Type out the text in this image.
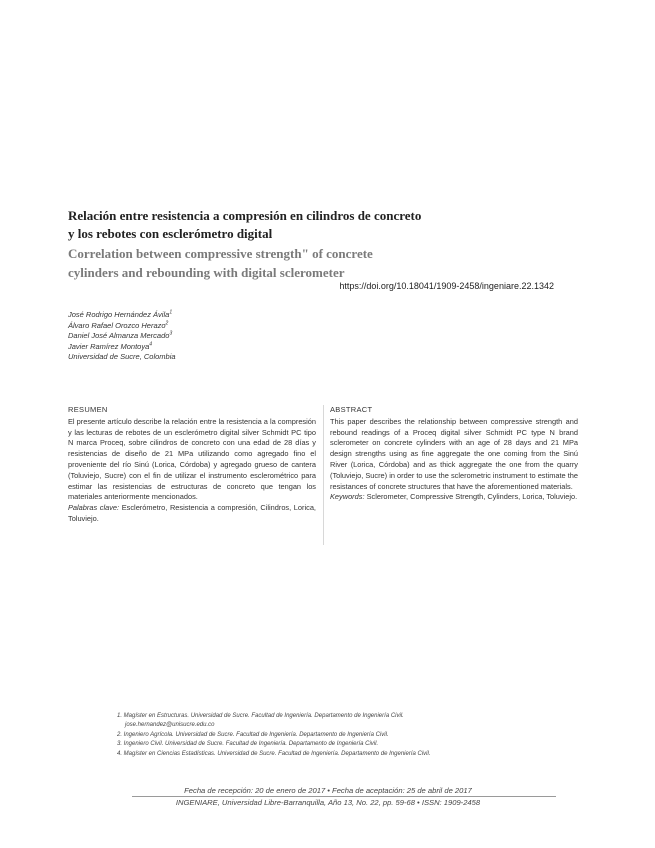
Relación entre resistencia a compresión en cilindros de concreto
y los rebotes con esclerómetro digital
Correlation between compressive strength" of concrete
cylinders and rebounding with digital sclerometer
https://doi.org/10.18041/1909-2458/ingeniare.22.1342
José Rodrigo Hernández Ávila$^1$
Álvaro Rafael Orozco Herazo$^2$
Daniel José Almanza Mercado$^3$
Javier Ramírez Montoya$^4$
Universidad de Sucre, Colombia
RESUMEN
El presente artículo describe la relación entre la resistencia a la compresión y las lecturas de rebotes de un esclerómetro digital silver Schmidt PC tipo N marca Proceq, sobre cilindros de concreto con una edad de 28 días y resistencias de diseño de 21 MPa utilizando como agregado fino el proveniente del río Sinú (Lorica, Córdoba) y agregado grueso de cantera (Toluviejo, Sucre) con el fin de utilizar el instrumento esclerométrico para estimar las resistencias de estructuras de concreto que tengan los materiales anteriormente mencionados.
Palabras clave: Esclerómetro, Resistencia a compresión, Cilindros, Lorica, Toluviejo.
ABSTRACT
This paper describes the relationship between compressive strength and rebound readings of a Proceq digital silver Schmidt PC type N brand sclerometer on concrete cylinders with an age of 28 days and 21 MPa design strengths using as fine aggregate the one coming from the Sinú River (Lorica, Córdoba) and as thick aggregate the one from the quarry (Toluviejo, Sucre) in order to use the sclerometric instrument to estimate the resistances of concrete structures that have the aforementioned materials.
Keywords: Sclerometer, Compressive Strength, Cylinders, Lorica, Toluviejo.
1. Magíster en Estructuras. Universidad de Sucre. Facultad de Ingeniería. Departamento de Ingeniería Civil.
jose.hernandez@unisucre.edu.co
2. Ingeniero Agrícola. Universidad de Sucre. Facultad de Ingeniería. Departamento de Ingeniería Civil.
3. Ingeniero Civil. Universidad de Sucre. Facultad de Ingeniería. Departamento de Ingeniería Civil.
4. Magíster en Ciencias Estadísticas. Universidad de Sucre. Facultad de Ingeniería. Departamento de Ingeniería Civil.
Fecha de recepción: 20 de enero de 2017 • Fecha de aceptación: 25 de abril de 2017
INGENIARE, Universidad Libre-Barranquilla, Año 13, No. 22, pp. 59-68 • ISSN: 1909-2458
